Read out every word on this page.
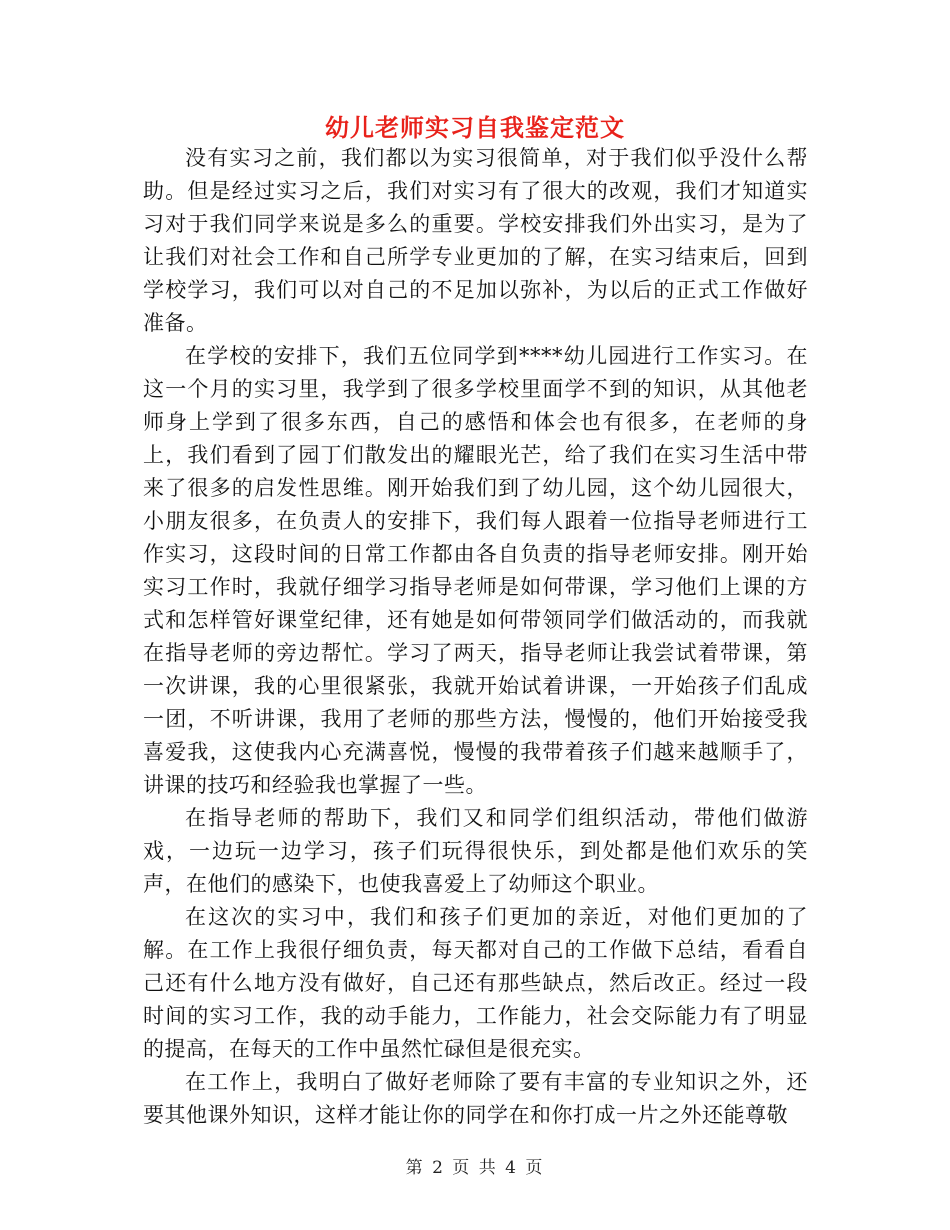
幼儿老师实习自我鉴定范文

没有实习之前，我们都以为实习很简单，对于我们似乎没什么帮助。但是经过实习之后，我们对实习有了很大的改观，我们才知道实习对于我们同学来说是多么的重要。学校安排我们外出实习，是为了让我们对社会工作和自己所学专业更加的了解，在实习结束后，回到学校学习，我们可以对自己的不足加以弥补，为以后的正式工作做好准备。

在学校的安排下，我们五位同学到****幼儿园进行工作实习。在这一个月的实习里，我学到了很多学校里面学不到的知识，从其他老师身上学到了很多东西，自己的感悟和体会也有很多，在老师的身上，我们看到了园丁们散发出的耀眼光芒，给了我们在实习生活中带来了很多的启发性思维。刚开始我们到了幼儿园，这个幼儿园很大，小朋友很多，在负责人的安排下，我们每人跟着一位指导老师进行工作实习，这段时间的日常工作都由各自负责的指导老师安排。刚开始实习工作时，我就仔细学习指导老师是如何带课，学习他们上课的方式和怎样管好课堂纪律，还有她是如何带领同学们做活动的，而我就在指导老师的旁边帮忙。学习了两天，指导老师让我尝试着带课，第一次讲课，我的心里很紧张，我就开始试着讲课，一开始孩子们乱成一团，不听讲课，我用了老师的那些方法，慢慢的，他们开始接受我喜爱我，这使我内心充满喜悦，慢慢的我带着孩子们越来越顺手了，讲课的技巧和经验我也掌握了一些。

在指导老师的帮助下，我们又和同学们组织活动，带他们做游戏，一边玩一边学习，孩子们玩得很快乐，到处都是他们欢乐的笑声，在他们的感染下，也使我喜爱上了幼师这个职业。

在这次的实习中，我们和孩子们更加的亲近，对他们更加的了解。在工作上我很仔细负责，每天都对自己的工作做下总结，看看自己还有什么地方没有做好，自己还有那些缺点，然后改正。经过一段时间的实习工作，我的动手能力，工作能力，社会交际能力有了明显的提高，在每天的工作中虽然忙碌但是很充实。

在工作上，我明白了做好老师除了要有丰富的专业知识之外，还要其他课外知识，这样才能让你的同学在和你打成一片之外还能尊敬

第 2 页 共 4 页
